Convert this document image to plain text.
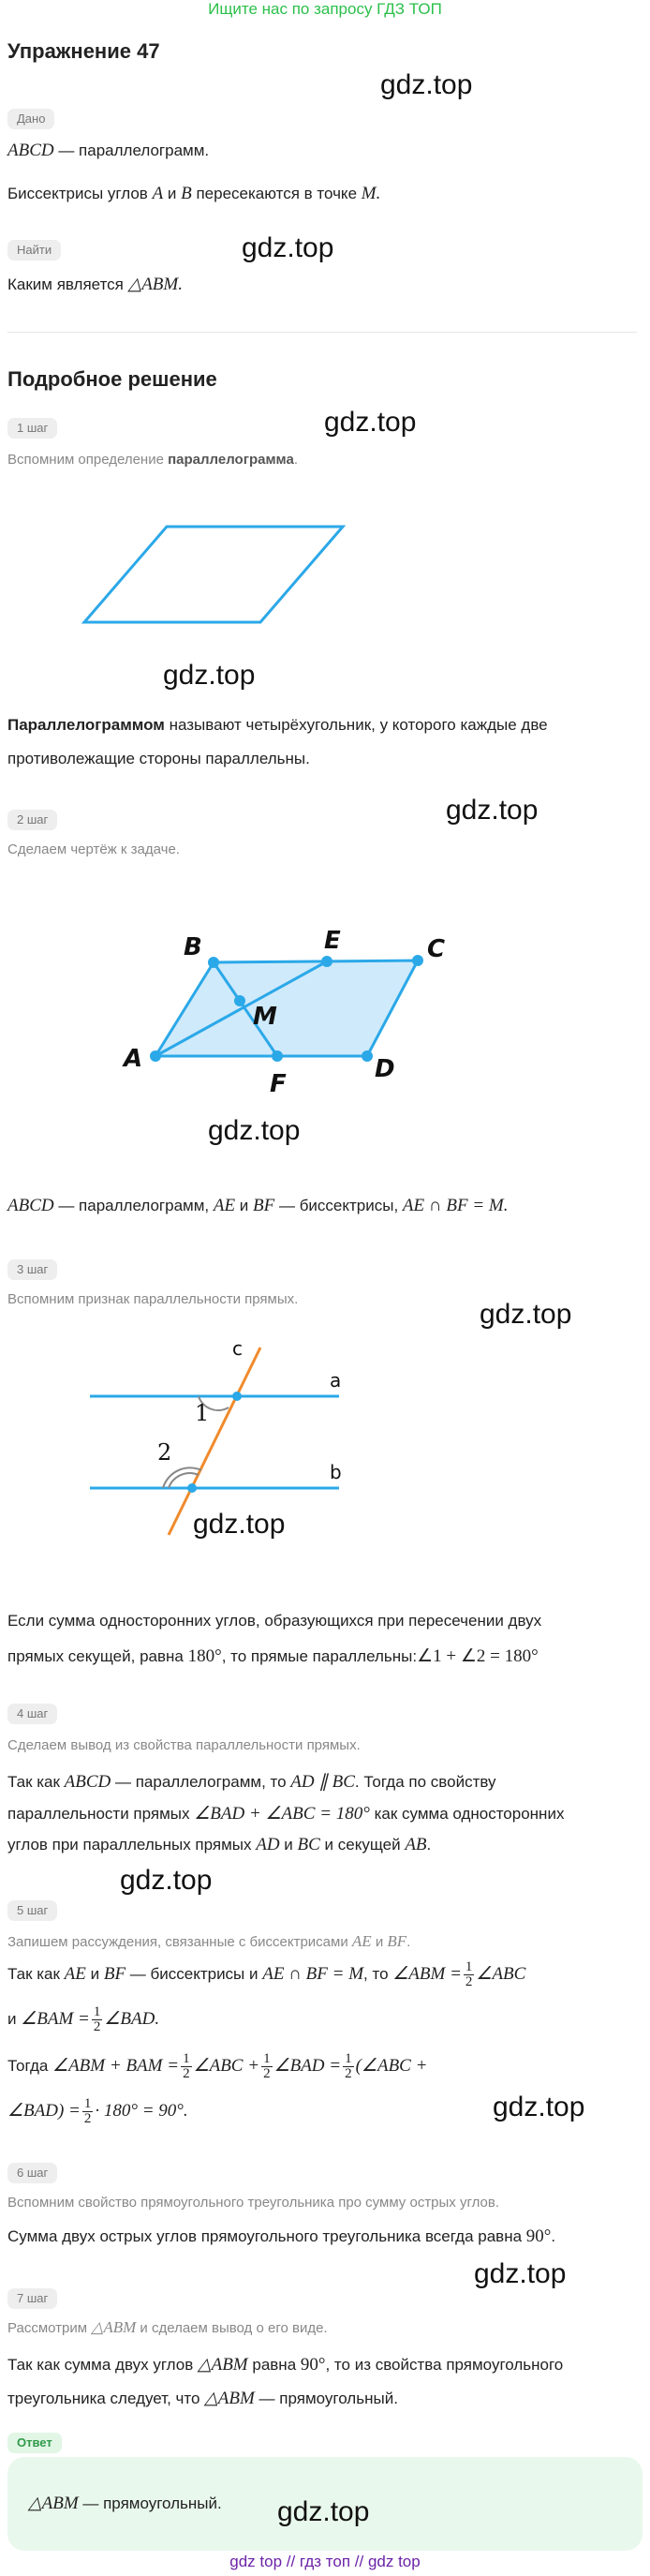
Ищите нас по запросу ГДЗ ТОП
Упражнение 47
gdz.top
Дано
ABCD — параллелограмм.
Биссектрисы углов A и B пересекаются в точке M.
Найти	gdz.top
Каким является △ABM.
Подробное решение
1 шаг	gdz.top
Вспомним определение параллелограмма.
gdz.top
Параллелограммом называют четырёхугольник, у которого каждые две
противолежащие стороны параллельны.
2 шаг	gdz.top
Сделаем чертёж к задаче.
B	E	C
A
F
D
M
gdz.top
ABCD — параллелограмм, AE и BF — биссектрисы, AE ∩ BF = M.
3 шаг
Вспомним признак параллельности прямых.	gdz.top
c
a
b
1
2
gdz.top
Если сумма односторонних углов, образующихся при пересечении двух
прямых секущей, равна 180°, то прямые параллельны:∠1 + ∠2 = 180°
4 шаг
Сделаем вывод из свойства параллельности прямых.
Так как ABCD — параллелограмм, то AD ∥ BC. Тогда по свойству
параллельности прямых ∠BAD + ∠ABC = 180° как сумма односторонних
углов при параллельных прямых AD и BC и секущей AB.
gdz.top
5 шаг
Запишем рассуждения, связанные с биссектрисами AE и BF.
Так как AE и BF — биссектрисы и AE ∩ BF = M, то ∠ABM = $\frac{1}{2}$ ∠ABC
и ∠BAM = $\frac{1}{2}$ ∠BAD.
Тогда ∠ABM + BAM = $\frac{1}{2}$ ∠ABC + $\frac{1}{2}$ ∠BAD = $\frac{1}{2}$ (∠ABC +
∠BAD) = $\frac{1}{2} \cdot 180^\circ = 90^\circ$.	gdz.top
6 шаг
Вспомним свойство прямоугольного треугольника про сумму острых углов.
Сумма двух острых углов прямоугольного треугольника всегда равна 90°.
gdz.top
7 шаг
Рассмотрим △ABM и сделаем вывод о его виде.
Так как сумма двух углов △ABM равна 90°, то из свойства прямоугольного
треугольника следует, что △ABM — прямоугольный.
Ответ
△ABM — прямоугольный. gdz.top
gdz top // гдз топ // gdz top
